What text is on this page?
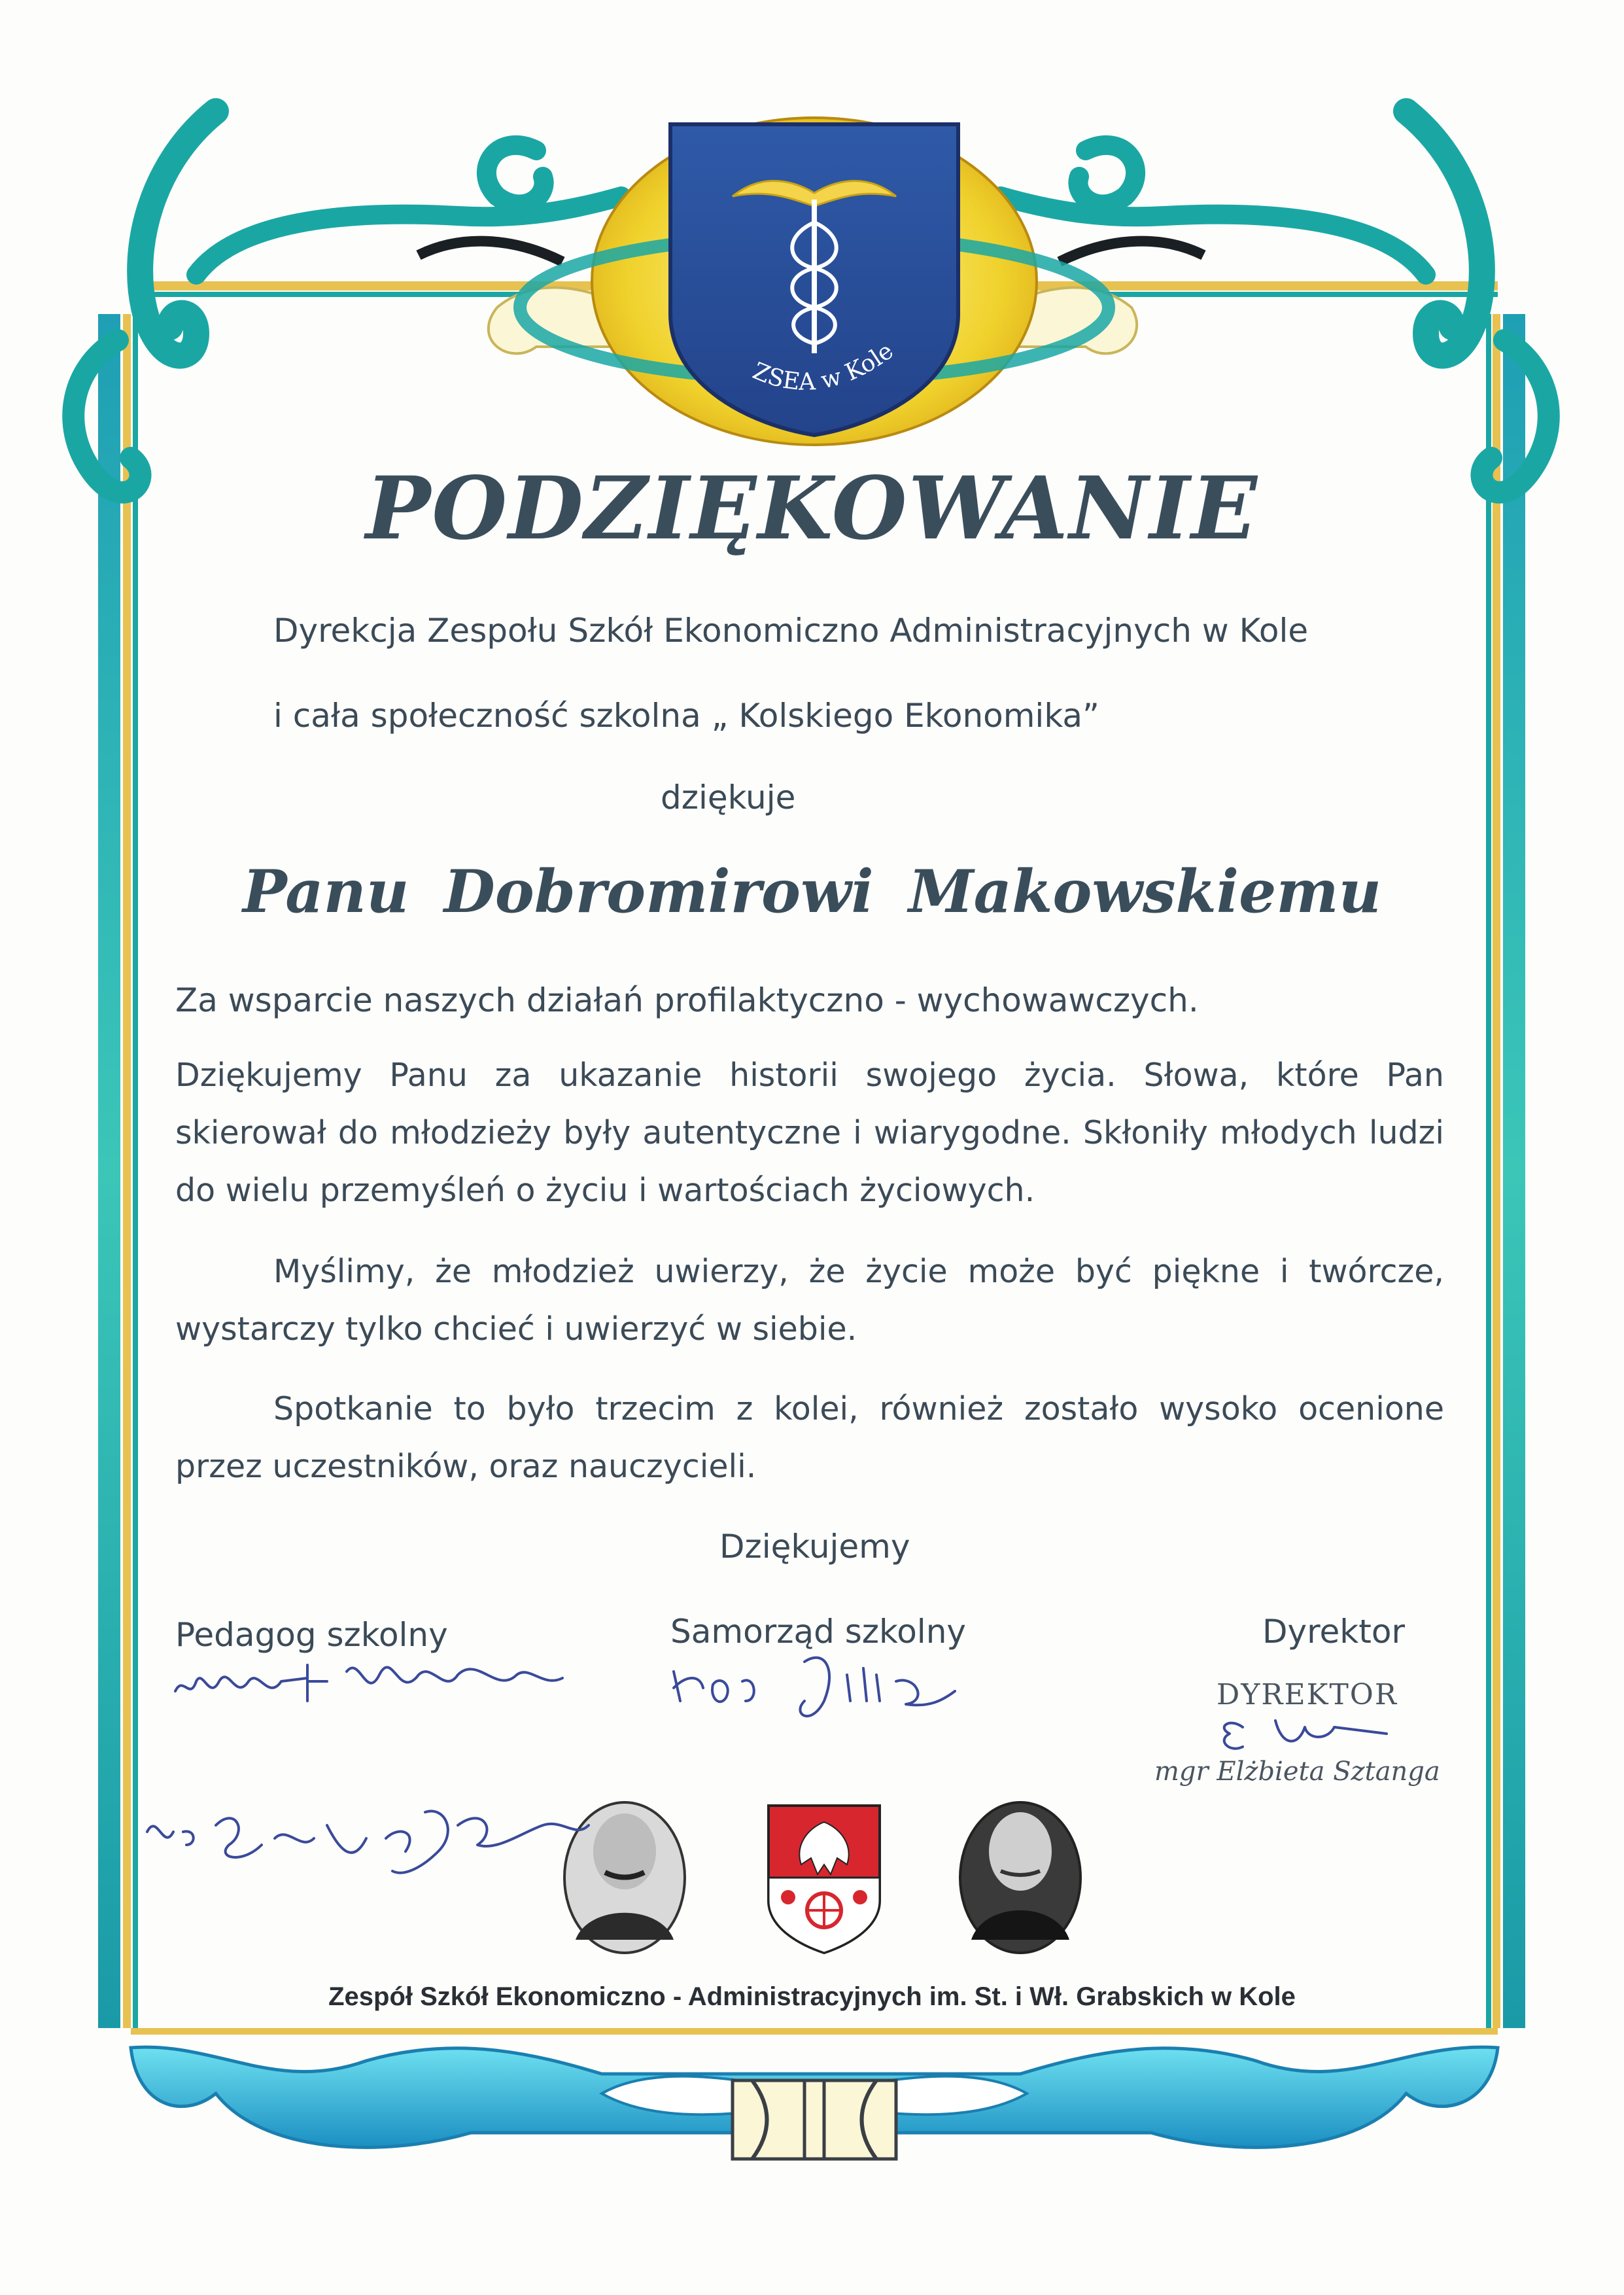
ZSEA w Kole
PODZIĘKOWANIE
Dyrekcja Zespołu Szkół Ekonomiczno Administracyjnych w Kole
i cała społeczność szkolna „ Kolskiego Ekonomika”
dziękuje
Panu Dobromirowi Makowskiemu
Za wsparcie naszych działań profilaktyczno - wychowawczych.
Dziękujemy Panu za ukazanie historii swojego życia. Słowa, które Pan skierował do młodzieży były autentyczne i wiarygodne. Skłoniły młodych ludzi do wielu przemyśleń o życiu i wartościach życiowych.
Myślimy, że młodzież uwierzy, że życie może być piękne i twórcze, wystarczy tylko chcieć i uwierzyć w siebie.
Spotkanie to było trzecim z kolei, również zostało wysoko ocenione przez uczestników, oraz nauczycieli.
Dziękujemy
Pedagog szkolny	Samorząd szkolny	Dyrektor
DYREKTOR
mgr Elżbieta Sztanga
Zespół Szkół Ekonomiczno - Administracyjnych im. St. i Wł. Grabskich w Kole
